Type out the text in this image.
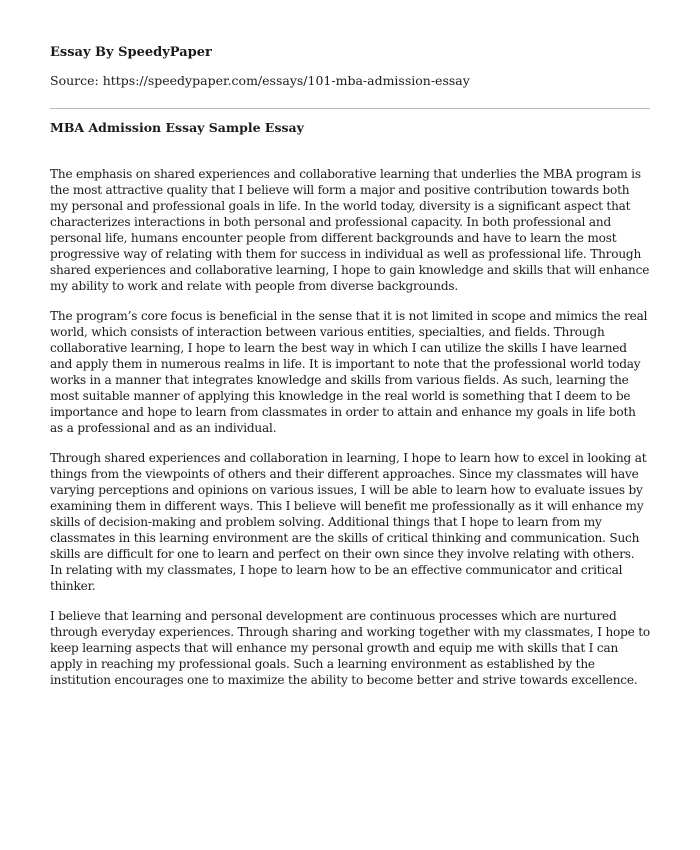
Essay By SpeedyPaper
Source: https://speedypaper.com/essays/101-mba-admission-essay
MBA Admission Essay Sample Essay

The emphasis on shared experiences and collaborative learning that underlies the MBA program is the most attractive quality that I believe will form a major and positive contribution towards both my personal and professional goals in life. In the world today, diversity is a significant aspect that characterizes interactions in both personal and professional capacity. In both professional and personal life, humans encounter people from different backgrounds and have to learn the most progressive way of relating with them for success in individual as well as professional life. Through shared experiences and collaborative learning, I hope to gain knowledge and skills that will enhance my ability to work and relate with people from diverse backgrounds.

The program’s core focus is beneficial in the sense that it is not limited in scope and mimics the real world, which consists of interaction between various entities, specialties, and fields. Through collaborative learning, I hope to learn the best way in which I can utilize the skills I have learned and apply them in numerous realms in life. It is important to note that the professional world today works in a manner that integrates knowledge and skills from various fields. As such, learning the most suitable manner of applying this knowledge in the real world is something that I deem to be importance and hope to learn from classmates in order to attain and enhance my goals in life both as a professional and as an individual.

Through shared experiences and collaboration in learning, I hope to learn how to excel in looking at things from the viewpoints of others and their different approaches. Since my classmates will have varying perceptions and opinions on various issues, I will be able to learn how to evaluate issues by examining them in different ways. This I believe will benefit me professionally as it will enhance my skills of decision-making and problem solving. Additional things that I hope to learn from my classmates in this learning environment are the skills of critical thinking and communication. Such skills are difficult for one to learn and perfect on their own since they involve relating with others. In relating with my classmates, I hope to learn how to be an effective communicator and critical thinker.

I believe that learning and personal development are continuous processes which are nurtured through everyday experiences. Through sharing and working together with my classmates, I hope to keep learning aspects that will enhance my personal growth and equip me with skills that I can apply in reaching my professional goals. Such a learning environment as established by the institution encourages one to maximize the ability to become better and strive towards excellence.
